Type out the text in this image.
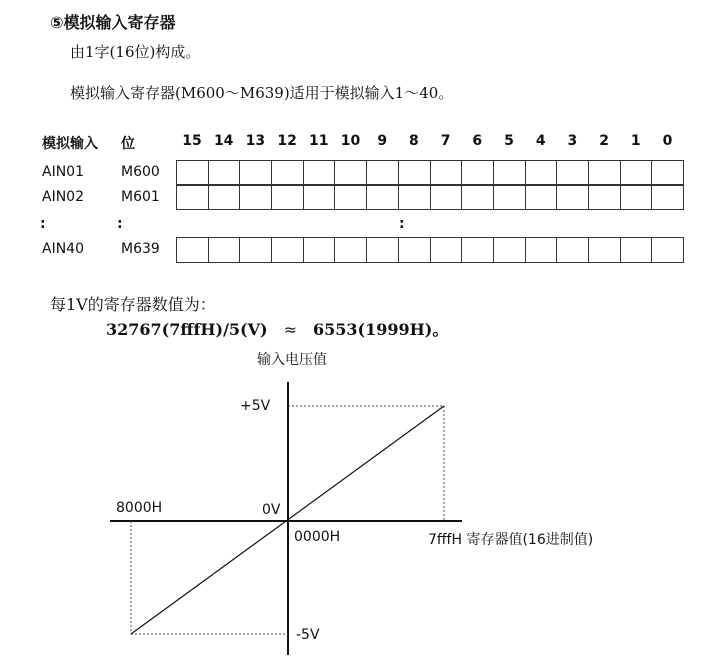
⑤模拟输入寄存器
由1字(16位)构成。
模拟输入寄存器(M600～M639)适用于模拟输入1～40。
模拟输入 位	15 14 13 12 11 10	9	8	7	6	5	4	3	2	1	0
AIN01	M600
AIN02	M601
:	:	:
AIN40	M639
每1V的寄存器数值为：
32767(7fffH)/5(V) ≈ 6553(1999H)。
输入电压值
+5V
8000H	0V
0000H	7fffH 寄存器值(16进制值)
-5V
